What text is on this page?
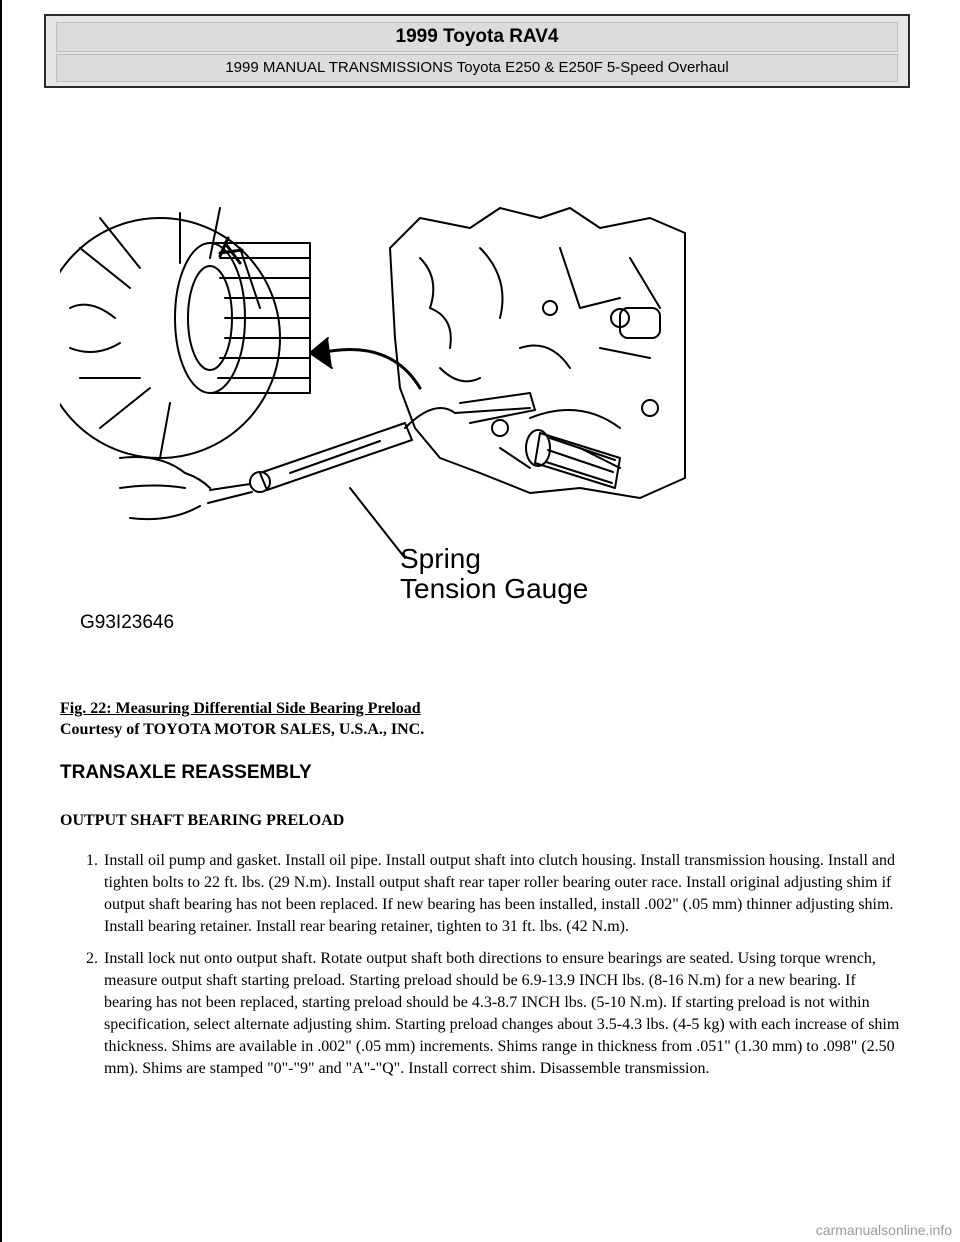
1999 Toyota RAV4
1999 MANUAL TRANSMISSIONS Toyota E250 & E250F 5-Speed Overhaul
Spring
Tension Gauge
G93I23646
Fig. 22: Measuring Differential Side Bearing Preload
Courtesy of TOYOTA MOTOR SALES, U.S.A., INC.
TRANSAXLE REASSEMBLY
OUTPUT SHAFT BEARING PRELOAD
1. Install oil pump and gasket. Install oil pipe. Install output shaft into clutch housing. Install transmission housing. Install and tighten bolts to 22 ft. lbs. (29 N.m). Install output shaft rear taper roller bearing outer race. Install original adjusting shim if output shaft bearing has not been replaced. If new bearing has been installed, install .002" (.05 mm) thinner adjusting shim. Install bearing retainer. Install rear bearing retainer, tighten to 31 ft. lbs. (42 N.m).
2. Install lock nut onto output shaft. Rotate output shaft both directions to ensure bearings are seated. Using torque wrench, measure output shaft starting preload. Starting preload should be 6.9-13.9 INCH lbs. (8-16 N.m) for a new bearing. If bearing has not been replaced, starting preload should be 4.3-8.7 INCH lbs. (5-10 N.m). If starting preload is not within specification, select alternate adjusting shim. Starting preload changes about 3.5-4.3 lbs. (4-5 kg) with each increase of shim thickness. Shims are available in .002" (.05 mm) increments. Shims range in thickness from .051" (1.30 mm) to .098" (2.50 mm). Shims are stamped "0"-"9" and "A"-"Q". Install correct shim. Disassemble transmission.
carmanualsonline.info
